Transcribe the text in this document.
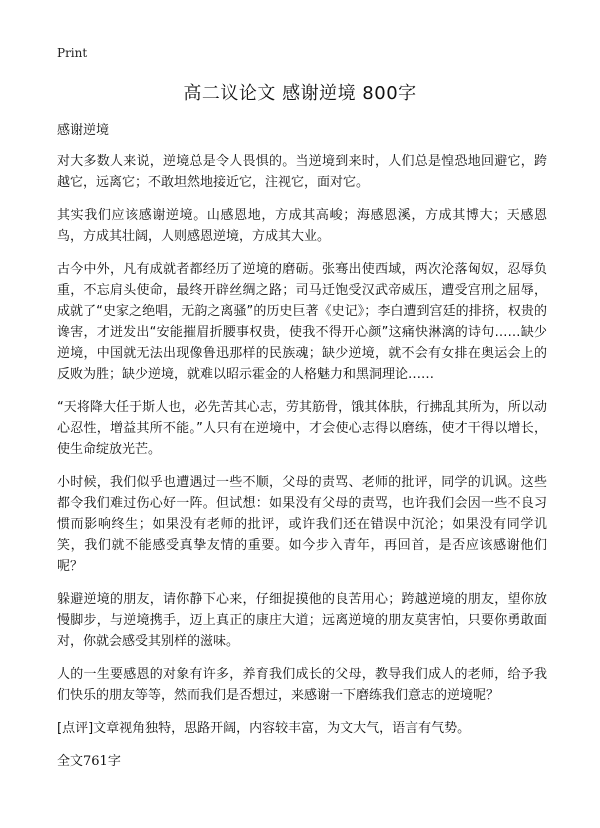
Print
高二议论文 感谢逆境 800字

感谢逆境

对大多数人来说，逆境总是令人畏惧的。当逆境到来时，人们总是惶恐地回避它，跨越它，远离它；不敢坦然地接近它，注视它，面对它。

其实我们应该感谢逆境。山感恩地，方成其高峻；海感恩溪，方成其博大；天感恩鸟，方成其壮阔，人则感恩逆境，方成其大业。

古今中外，凡有成就者都经历了逆境的磨砺。张骞出使西域，两次沦落匈奴，忍辱负重，不忘肩头使命，最终开辟丝绸之路；司马迁饱受汉武帝威压，遭受宫刑之屈辱，成就了“史家之绝唱，无韵之离骚”的历史巨著《史记》；李白遭到宫廷的排挤，权贵的谗害，才迸发出“安能摧眉折腰事权贵，使我不得开心颜”这痛快淋漓的诗句……缺少逆境，中国就无法出现像鲁迅那样的民族魂；缺少逆境，就不会有女排在奥运会上的反败为胜；缺少逆境，就难以昭示霍金的人格魅力和黑洞理论……

“天将降大任于斯人也，必先苦其心志，劳其筋骨，饿其体肤，行拂乱其所为，所以动心忍性，增益其所不能。”人只有在逆境中，才会使心志得以磨练，使才干得以增长，使生命绽放光芒。

小时候，我们似乎也遭遇过一些不顺，父母的责骂、老师的批评，同学的讥讽。这些都令我们难过伤心好一阵。但试想：如果没有父母的责骂，也许我们会因一些不良习惯而影响终生；如果没有老师的批评，或许我们还在错误中沉沦；如果没有同学讥笑，我们就不能感受真挚友情的重要。如今步入青年，再回首，是否应该感谢他们呢？

躲避逆境的朋友，请你静下心来，仔细捉摸他的良苦用心；跨越逆境的朋友，望你放慢脚步，与逆境携手，迈上真正的康庄大道；远离逆境的朋友莫害怕，只要你勇敢面对，你就会感受其别样的滋味。

人的一生要感恩的对象有许多，养育我们成长的父母，教导我们成人的老师，给予我们快乐的朋友等等，然而我们是否想过，来感谢一下磨练我们意志的逆境呢？

[点评]文章视角独特，思路开阔，内容较丰富，为文大气，语言有气势。

全文761字
